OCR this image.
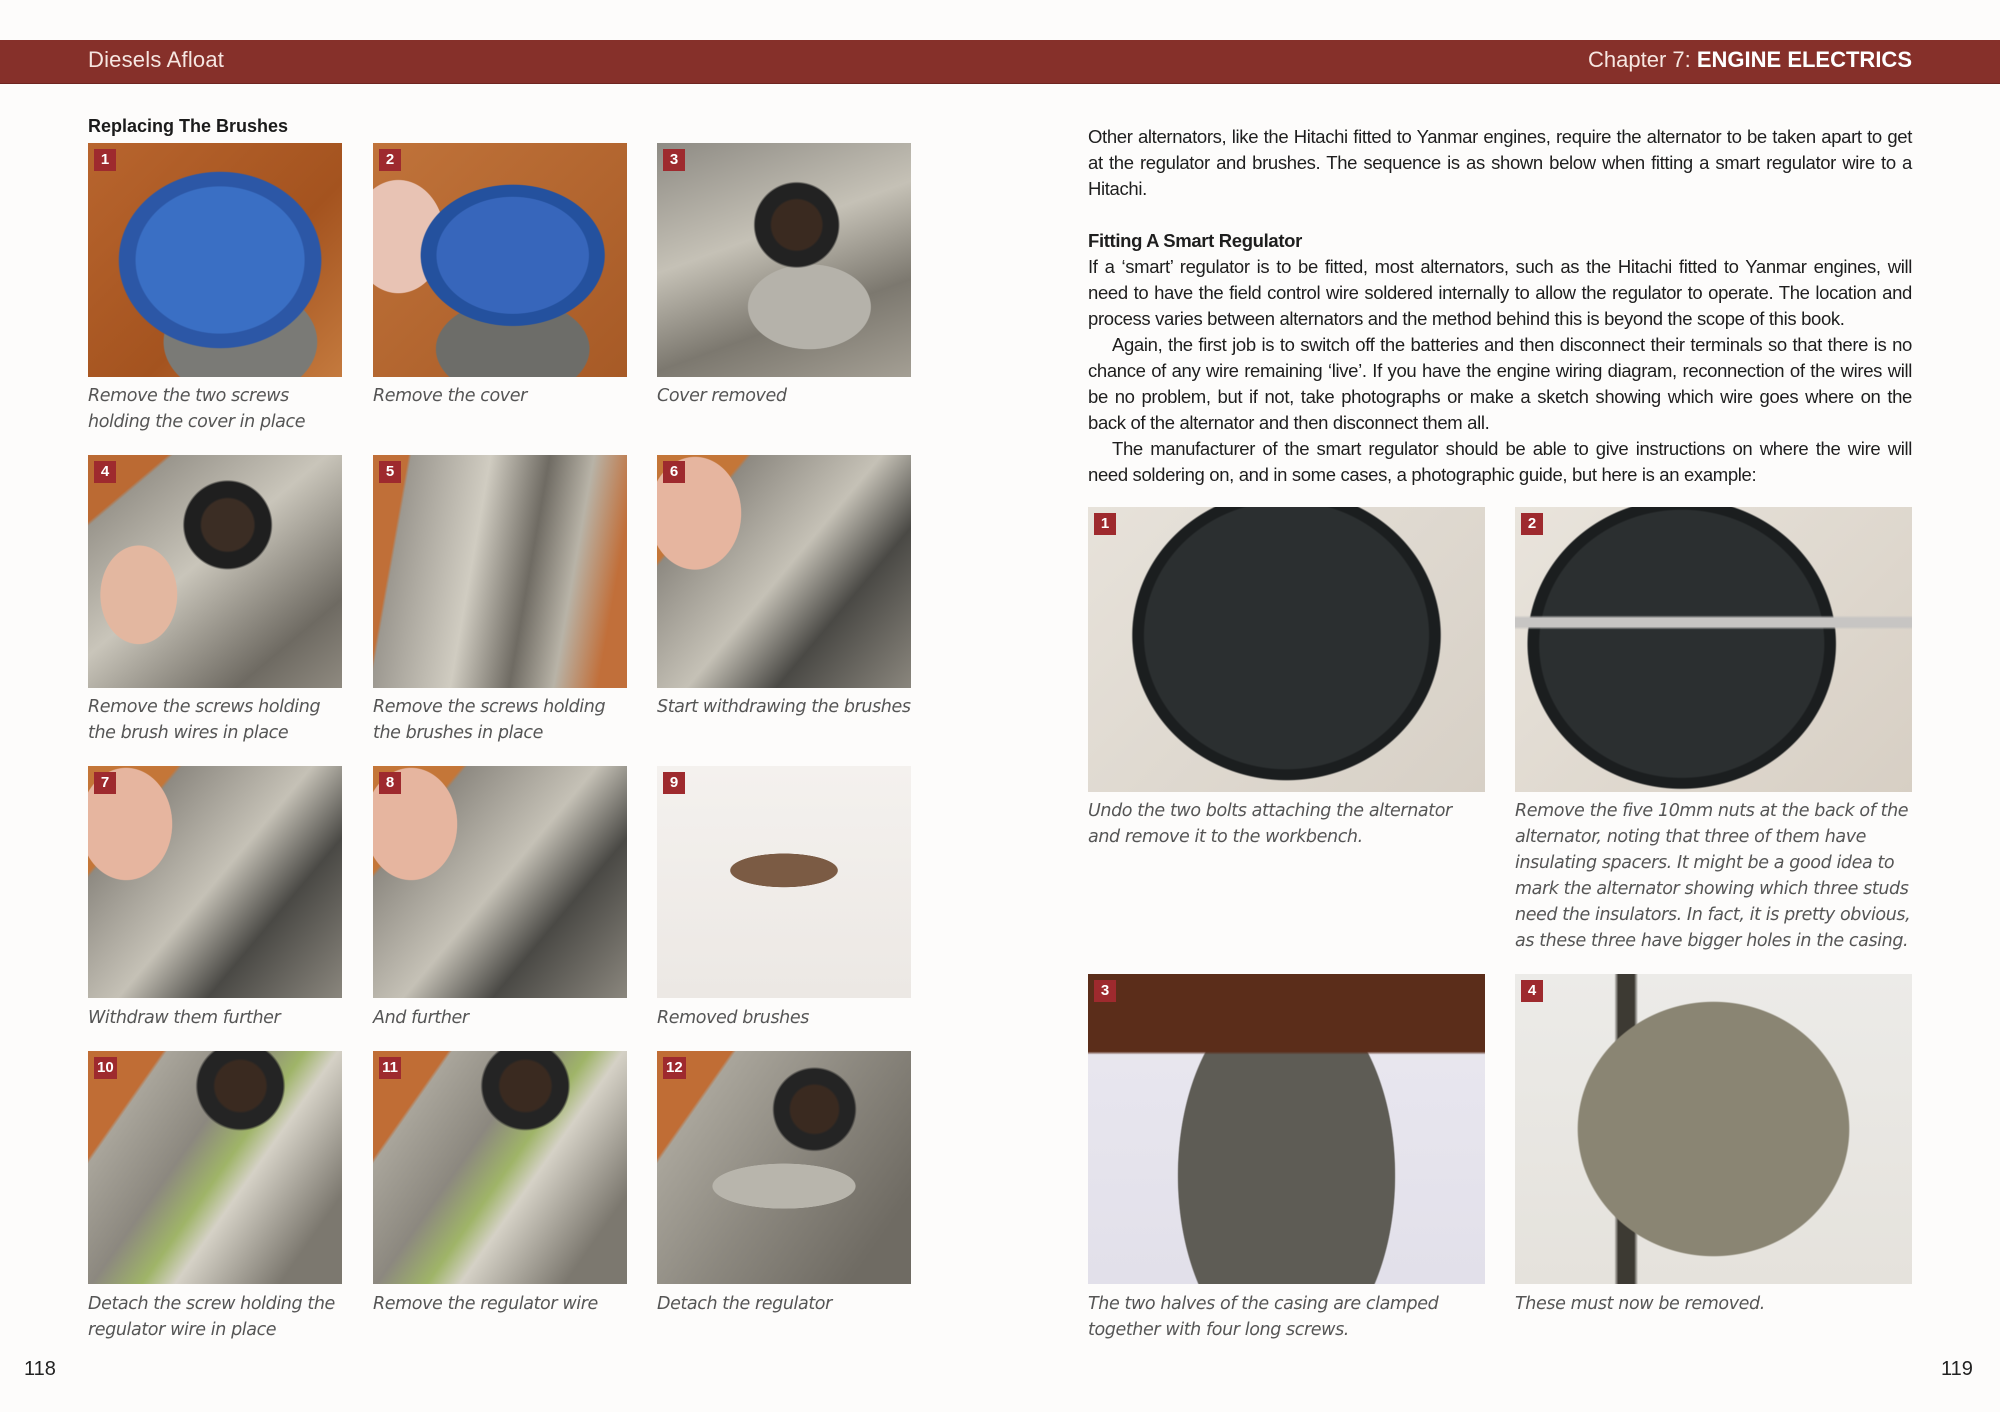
Diesels Afloat	Chapter 7: ENGINE ELECTRICS
Replacing The Brushes
1	2	3
Remove the two screws holding the cover in place
Remove the cover	Cover removed
4	5	6
Remove the screws holding the brush wires in place
Remove the screws holding the brushes in place
Start withdrawing the brushes
7	8	9
Withdraw them further	And further	Removed brushes
10	11	12
Detach the screw holding the regulator wire in place
Remove the regulator wire	Detach the regulator
118

Other alternators, like the Hitachi fitted to Yanmar engines, require the alternator to be taken apart to get at the regulator and brushes. The sequence is as shown below when fitting a smart regulator wire to a Hitachi.

Fitting A Smart Regulator

If a ‘smart’ regulator is to be fitted, most alternators, such as the Hitachi fitted to Yanmar engines, will need to have the field control wire soldered internally to allow the regulator to operate. The location and process varies between alternators and the method behind this is beyond the scope of this book.

Again, the first job is to switch off the batteries and then disconnect their terminals so that there is no chance of any wire remaining ‘live’. If you have the engine wiring diagram, reconnection of the wires will be no problem, but if not, take photographs or make a sketch showing which wire goes where on the back of the alternator and then disconnect them all.

The manufacturer of the smart regulator should be able to give instructions on where the wire will need soldering on, and in some cases, a photographic guide, but here is an example:

1	2
Undo the two bolts attaching the alternator and remove it to the workbench.
Remove the five 10mm nuts at the back of the alternator, noting that three of them have insulating spacers. It might be a good idea to mark the alternator showing which three studs need the insulators. In fact, it is pretty obvious, as these three have bigger holes in the casing.
3	4
The two halves of the casing are clamped together with four long screws.
These must now be removed.
119
